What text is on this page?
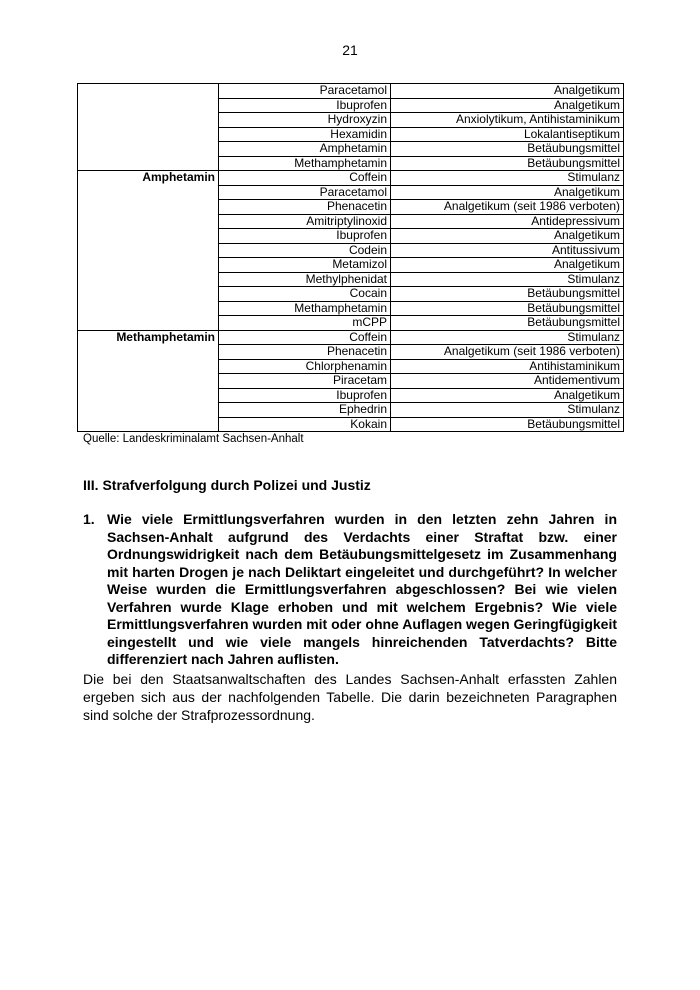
21
	Paracetamol	Analgetikum
	Ibuprofen	Analgetikum
	Hydroxyzin	Anxiolytikum, Antihistaminikum
	Hexamidin	Lokalantiseptikum
	Amphetamin	Betäubungsmittel
	Methamphetamin	Betäubungsmittel
Amphetamin	Coffein	Stimulanz
	Paracetamol	Analgetikum
	Phenacetin	Analgetikum (seit 1986 verboten)
	Amitriptylinoxid	Antidepressivum
	Ibuprofen	Analgetikum
	Codein	Antitussivum
	Metamizol	Analgetikum
	Methylphenidat	Stimulanz
	Cocain	Betäubungsmittel
	Methamphetamin	Betäubungsmittel
	mCPP	Betäubungsmittel
Methamphetamin	Coffein	Stimulanz
	Phenacetin	Analgetikum (seit 1986 verboten)
	Chlorphenamin	Antihistaminikum
	Piracetam	Antidementivum
	Ibuprofen	Analgetikum
	Ephedrin	Stimulanz
	Kokain	Betäubungsmittel
Quelle: Landeskriminalamt Sachsen-Anhalt
III. Strafverfolgung durch Polizei und Justiz
1. Wie viele Ermittlungsverfahren wurden in den letzten zehn Jahren in Sachsen-Anhalt aufgrund des Verdachts einer Straftat bzw. einer Ordnungswidrigkeit nach dem Betäubungsmittelgesetz im Zusammenhang mit harten Drogen je nach Deliktart eingeleitet und durchgeführt? In welcher Weise wurden die Ermittlungsverfahren abgeschlossen? Bei wie vielen Verfahren wurde Klage erhoben und mit welchem Ergebnis? Wie viele Ermittlungsverfahren wurden mit oder ohne Auflagen wegen Geringfügigkeit eingestellt und wie viele mangels hinreichenden Tatverdachts? Bitte differenziert nach Jahren auflisten.
Die bei den Staatsanwaltschaften des Landes Sachsen-Anhalt erfassten Zahlen ergeben sich aus der nachfolgenden Tabelle. Die darin bezeichneten Paragraphen sind solche der Strafprozessordnung.
